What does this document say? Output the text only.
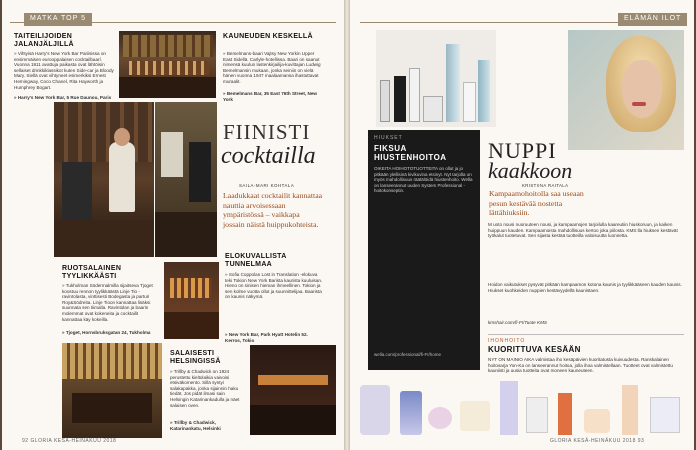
MATKA TOP 5
TAITEILIJOIDEN JALANJÄLJILLÄ
» Vihtyisä Harry's New York Bar Pariisissa on ensimmäisen eurooppalaisen cocktailbaarí. Vuonna 1911 avattuja paikasta ovat lähtöisin sellaiset drinkkiklassikot kuten Side-car ja Bloody Mary. Siellä ovat vihtyneet esimerkiksi Ernest Hemingway, Coco Chanel, Rita Hayworth ja Humphrey Bogart.
» Harry's New York Bar, 5 Rue Daunou, Paris
KAUNEUDEN KESKELLÄ
» Bemelmans-baari Vajtsy New Yorkin Upper East Sidellä. Carlyle-hotellissa. Baari on saanut nimensä kuulun lastenkirjailija-kuvittajan Ludwig Bemelmansin mukaan, jonka seiniin on vielä hänen vuonna 1947 maalaamansa ihastuttavat muraalit.
» Bemelmans Bar, 35 East 76th Street, New York
FIINISTI
cocktailla
SAILA-MARI KOHTALA
Laadukkaat cocktailit kannattaa nauttia arvoisessaan ympäristössä – vaikkapa jossain näistä huippukohteista.
RUOTSALAINEN TYYLIKKÄÄSTI
» Tukholman Södermalmilla sijaitseva Tjoget koostuu rennon tyylikkäästä Linje Tio -ravintolasta, vinttisesti Bodegasta ja parturi Roy&Södreita. Linje Tioon kannattaa lisäksi suunnata sen tiimalla. Ravintolan ja baarin molemmat ovat kokeneita ja cocktailit kannattaa käy kokeilla.
» Tjoget, Hornsbruksgatan 24, Tukholma
ELOKUVALLISTA TUNNELMAA
» Sofia Coppolan Lost in Translation -elokuva teki Tokion New York Barista kaurista kuuluisan. Hieno on sinisen hieman ihmeellinen. Tokion ja sen kolme vuotta ollut ja suunnittelijaa. Baarista on kaunis näkymä.
» New York Bar, Park Hyatt Hotelin 52. Kerros, Tokio
SALAISESTI HELSINGISSÄ
» Trillby & Chadwick on 1924 perustettu kieltolaikia vaivoisi etsiväkomento. Sillä syntyi salakapakka, jonka sijainnin haku tiedät. Jos pidät ilmasi sain Helsingin Katarinankadulla ja näet salaisen oven.
» Trillby & Chadwick, Katarinankatu, Helsinki
92 GLORIA KESÄ-HEINÄKUU 2018
ELÄMÄN ILOT
HIUKSET
FIKSUA HIUSTENHOITOA
OIKEITA HOIHOTOTUOTTEITA on ollut ja jo pitkään ylellisinä kivikuvina etsinyt. Nyt tarjolla on myös mahdollisuus räätälöidä hiustenhoito. Wella on lanseerannut uuden System Professional -hoitokonseptin.
wella.com/professional/fi-FI/home
NUPPI
kaakkoon
KRISTIINA RAITALA
Kampaamohoitolla saa useaan pesun kestävää nostetta lättähiuksiin.
M uoto nousi nuoruuteen nousi, ja kampaamojen tarjoilulla kaareutiin hiuskoruun, ja kaiken huippuun kauden. Kampaamoista mahdollisuus kertoo joka piilosta. KMS:lla hiuksen kestävät työkalut tuotetuvat. Sen sijasta kestää tuotteilla valoisuutta luonnetta.
Hoidon vaikutukset pysyvät pitkään kampaamon kotona kaunis ja tyylikkääseen kauden kaunis. Hiukset kuohkeiden nuppien kestävyydellä kaunistaen.
kmshair.com/fi-FI/Tuote KMS
IHONHOITO
KUORITTUVA KESÄÄN
NYT ON MAINIO AIKA valmistaa iho kesäpäivien kuoritatusta kuivuudesta. Ranskalainen hoitosarja Yon-Ka on lanseerannut hoitoa, jolla ihoa valmistellaan. Tuotteet ovat valmistettu kauniisti ja uusia tuotteita ovat moneen kauneuteen.
GLORIA KESÄ-HEINÄKUU 2018 93
